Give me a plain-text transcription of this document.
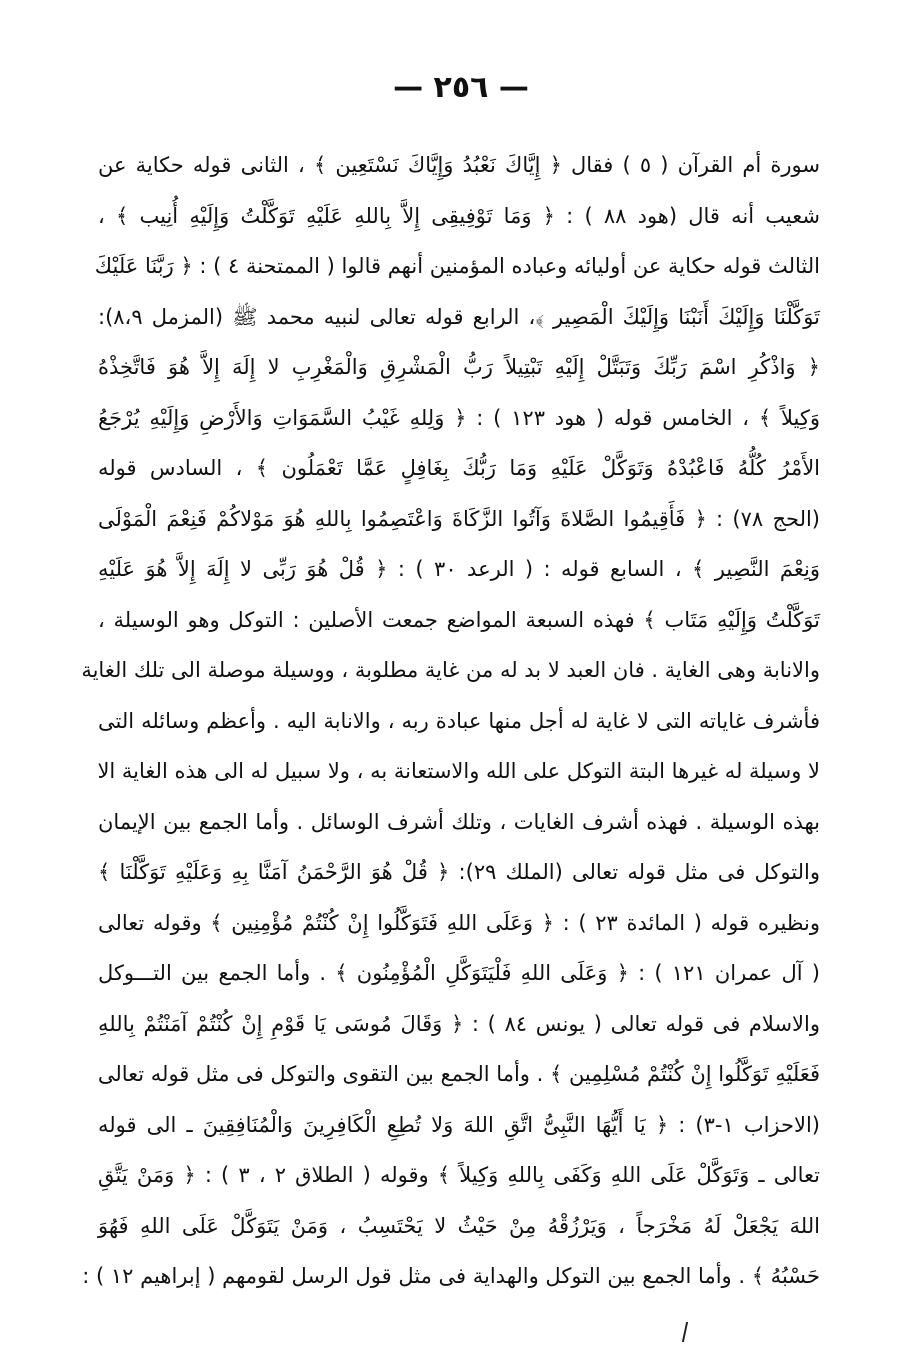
— ٢٥٦ —
سورة أم القرآن ( ٥ ) فقال ﴿ إِيَّاكَ نَعْبُدُ وَإِيَّاكَ نَسْتَعِين ﴾ ، الثانى قوله حكاية عن
شعيب أنه قال (هود ٨٨ ) : ﴿ وَمَا تَوْفِيقِى إِلاَّ بِاللهِ عَلَيْهِ تَوَكَّلْتُ وَإِلَيْهِ أُنِيب ﴾ ،
الثالث قوله حكاية عن أوليائه وعباده المؤمنين أنهم قالوا ( الممتحنة ٤ ) : ﴿ رَبَّنَا عَلَيْكَ
تَوَكَّلْنَا وَإِلَيْكَ أَنَبْنَا وَإِلَيْكَ الْمَصِير ﴾، الرابع قوله تعالى لنبيه محمد ﷺ (المزمل ٨،٩):
﴿ وَاذْكُرِ اسْمَ رَبِّكَ وَتَبَتَّلْ إِلَيْهِ تَبْتِيلاً رَبُّ الْمَشْرِقِ وَالْمَغْرِبِ لا إِلَهَ إِلاَّ هُوَ فَاتَّخِذْهُ
وَكِيلاً ﴾ ، الخامس قوله ( هود ١٢٣ ) : ﴿ وَلِلهِ غَيْبُ السَّمَوَاتِ وَالأَرْضِ وَإِلَيْهِ يُرْجَعُ
الأَمْرُ كُلُّهُ فَاعْبُدْهُ وَتَوَكَّلْ عَلَيْهِ وَمَا رَبُّكَ بِغَافِلٍ عَمَّا تَعْمَلُون ﴾ ، السادس قوله
(الحج ٧٨) : ﴿ فَأَقِيمُوا الصَّلاةَ وَآتُوا الزَّكَاةَ وَاعْتَصِمُوا بِاللهِ هُوَ مَوْلاكُمْ فَنِعْمَ الْمَوْلَى
وَنِعْمَ النَّصِير ﴾ ، السابع قوله : ( الرعد ٣٠ ) : ﴿ قُلْ هُوَ رَبِّى لا إِلَهَ إِلاَّ هُوَ عَلَيْهِ
تَوَكَّلْتُ وَإِلَيْهِ مَتَاب ﴾ فهذه السبعة المواضع جمعت الأصلين : التوكل وهو الوسيلة ،
والانابة وهى الغاية . فان العبد لا بد له من غاية مطلوبة ، ووسيلة موصلة الى تلك الغاية
فأشرف غاياته التى لا غاية له أجل منها عبادة ربه ، والانابة اليه . وأعظم وسائله التى
لا وسيلة له غيرها البتة التوكل على الله والاستعانة به ، ولا سبيل له الى هذه الغاية الا
بهذه الوسيلة . فهذه أشرف الغايات ، وتلك أشرف الوسائل . وأما الجمع بين الإيمان
والتوكل فى مثل قوله تعالى (الملك ٢٩): ﴿ قُلْ هُوَ الرَّحْمَنُ آمَنَّا بِهِ وَعَلَيْهِ تَوَكَّلْنَا ﴾
ونظيره قوله ( المائدة ٢٣ ) : ﴿ وَعَلَى اللهِ فَتَوَكَّلُوا إِنْ كُنْتُمْ مُؤْمِنِين ﴾ وقوله تعالى
( آل عمران ١٢١ ) : ﴿ وَعَلَى اللهِ فَلْيَتَوَكَّلِ الْمُؤْمِنُون ﴾ . وأما الجمع بين التـــوكل
والاسلام فى قوله تعالى ( يونس ٨٤ ) : ﴿ وَقَالَ مُوسَى يَا قَوْمِ إِنْ كُنْتُمْ آمَنْتُمْ بِاللهِ
فَعَلَيْهِ تَوَكَّلُوا إِنْ كُنْتُمْ مُسْلِمِين ﴾ . وأما الجمع بين التقوى والتوكل فى مثل قوله تعالى
(الاحزاب ١-٣) : ﴿ يَا أَيُّهَا النَّبِىُّ اتَّقِ اللهَ وَلا تُطِعِ الْكَافِرِينَ وَالْمُنَافِقِينَ ـ الى قوله
تعالى ـ وَتَوَكَّلْ عَلَى اللهِ وَكَفَى بِاللهِ وَكِيلاً ﴾ وقوله ( الطلاق ٢ ، ٣ ) : ﴿ وَمَنْ يَتَّقِ
اللهَ يَجْعَلْ لَهُ مَخْرَجاً ، وَيَرْزُقْهُ مِنْ حَيْثُ لا يَحْتَسِبُ ، وَمَنْ يَتَوَكَّلْ عَلَى اللهِ فَهُوَ
حَسْبُهُ ﴾ . وأما الجمع بين التوكل والهداية فى مثل قول الرسل لقومهم ( إبراهيم ١٢ ) :
